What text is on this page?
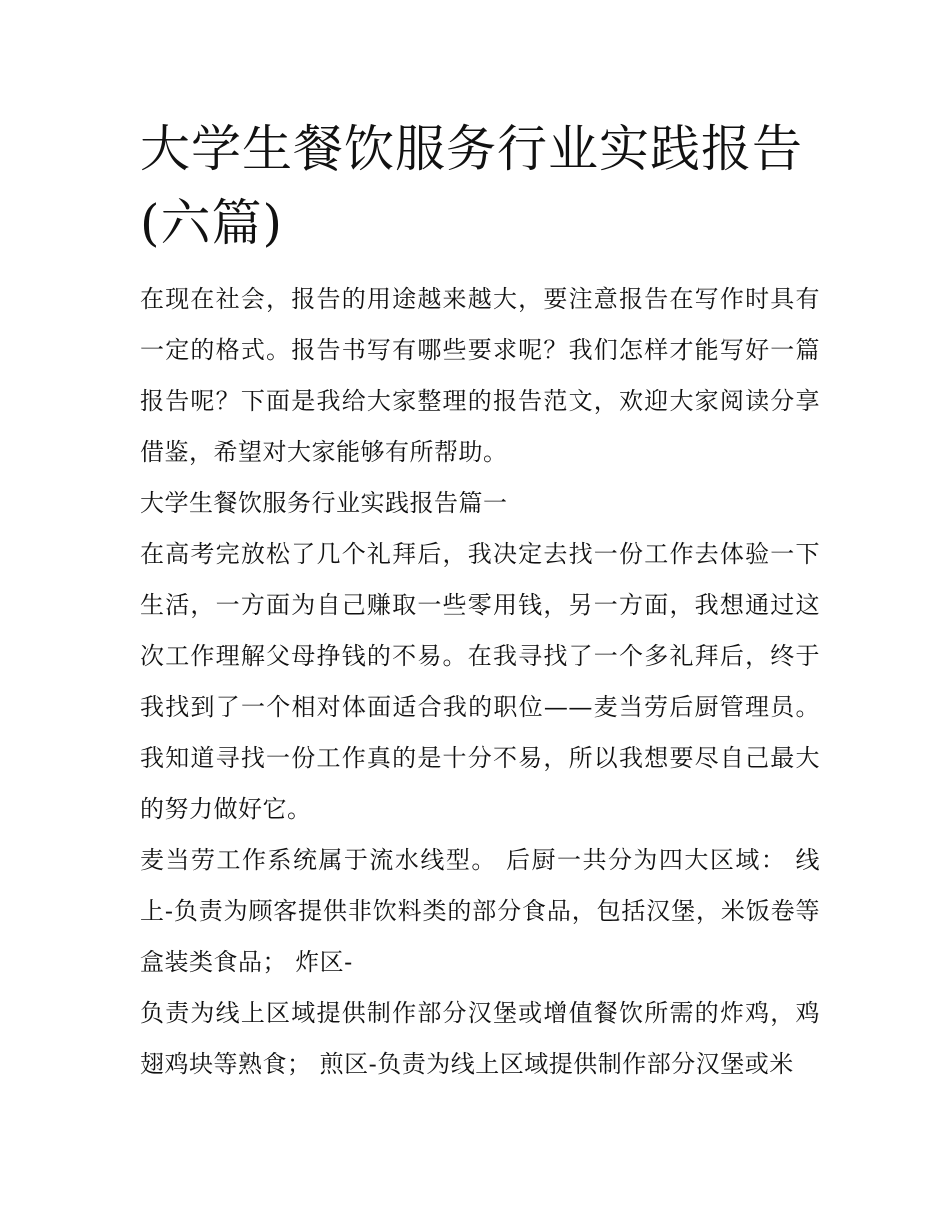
大学生餐饮服务行业实践报告(六篇)

在现在社会，报告的用途越来越大，要注意报告在写作时具有一定的格式。报告书写有哪些要求呢？我们怎样才能写好一篇报告呢？下面是我给大家整理的报告范文，欢迎大家阅读分享借鉴，希望对大家能够有所帮助。

大学生餐饮服务行业实践报告篇一

在高考完放松了几个礼拜后，我决定去找一份工作去体验一下生活，一方面为自己赚取一些零用钱，另一方面，我想通过这次工作理解父母挣钱的不易。在我寻找了一个多礼拜后，终于我找到了一个相对体面适合我的职位——麦当劳后厨管理员。我知道寻找一份工作真的是十分不易，所以我想要尽自己最大的努力做好它。

麦当劳工作系统属于流水线型。 后厨一共分为四大区域： 线上-负责为顾客提供非饮料类的部分食品，包括汉堡，米饭卷等盒装类食品； 炸区-

负责为线上区域提供制作部分汉堡或增值餐饮所需的炸鸡，鸡翅鸡块等熟食； 煎区-负责为线上区域提供制作部分汉堡或米
